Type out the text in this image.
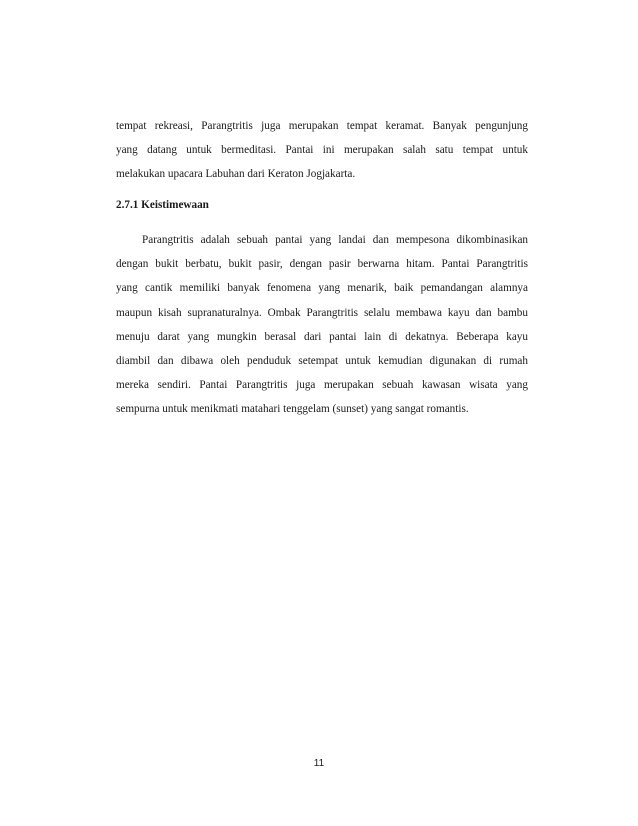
tempat rekreasi, Parangtritis juga merupakan tempat keramat. Banyak pengunjung
yang datang untuk bermeditasi. Pantai ini merupakan salah satu tempat untuk
melakukan upacara Labuhan dari Keraton Jogjakarta.
2.7.1 Keistimewaan
Parangtritis adalah sebuah pantai yang landai dan mempesona dikombinasikan
dengan bukit berbatu, bukit pasir, dengan pasir berwarna hitam. Pantai Parangtritis
yang cantik memiliki banyak fenomena yang menarik, baik pemandangan alamnya
maupun kisah supranaturalnya. Ombak Parangtritis selalu membawa kayu dan bambu
menuju darat yang mungkin berasal dari pantai lain di dekatnya. Beberapa kayu
diambil dan dibawa oleh penduduk setempat untuk kemudian digunakan di rumah
mereka sendiri. Pantai Parangtritis juga merupakan sebuah kawasan wisata yang
sempurna untuk menikmati matahari tenggelam (sunset) yang sangat romantis.
11
